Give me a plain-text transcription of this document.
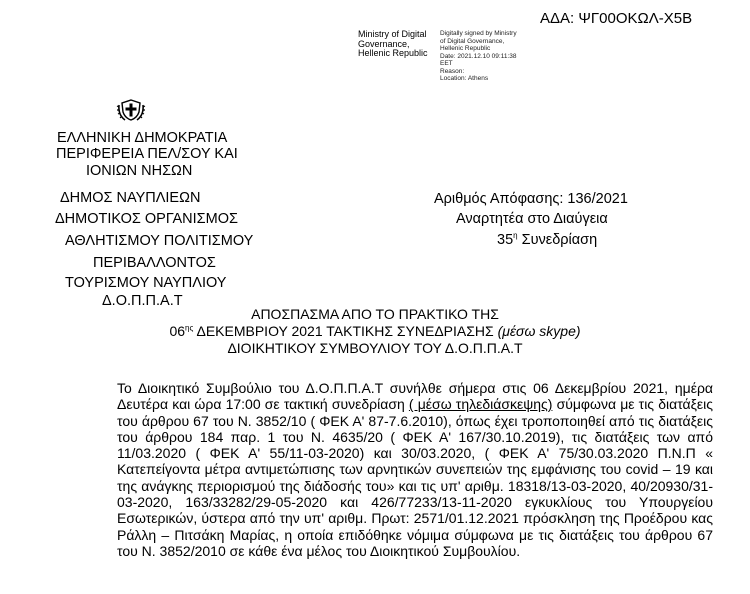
ΑΔΑ: ΨΓ00ΟΚΩΛ-Χ5Β
Ministry of Digital
Governance,
Hellenic Republic
Digitally signed by Ministry
of Digital Governance,
Hellenic Republic
Date: 2021.12.10 09:11:38
EET
Reason:
Location: Athens
ΕΛΛΗΝΙΚΗ ΔΗΜΟΚΡΑΤΙΑ
ΠΕΡΙΦΕΡΕΙΑ ΠΕΛ/ΣΟΥ ΚΑΙ
ΙΟΝΙΩΝ ΝΗΣΩΝ
ΔΗΜΟΣ ΝΑΥΠΛΙΕΩΝ
ΔΗΜΟΤΙΚΟΣ ΟΡΓΑΝΙΣΜΟΣ
ΑΘΛΗΤΙΣΜΟΥ ΠΟΛΙΤΙΣΜΟΥ
ΠΕΡΙΒΑΛΛΟΝΤΟΣ
ΤΟΥΡΙΣΜΟΥ ΝΑΥΠΛΙΟΥ
Δ.Ο.Π.Π.Α.Τ
Αριθμός Απόφασης: 136/2021
Αναρτητέα στο Διαύγεια
$35^\eta$ Συνεδρίαση
ΑΠΟΣΠΑΣΜΑ ΑΠΟ ΤΟ ΠΡΑΚΤΙΚΟ ΤΗΣ
$06^{\eta\varsigma}$ ΔΕΚΕΜΒΡΙΟΥ 2021 ΤΑΚΤΙΚΗΣ ΣΥΝΕΔΡΙΑΣΗΣ (μέσω skype)
ΔΙΟΙΚΗΤΙΚΟΥ ΣΥΜΒΟΥΛΙΟΥ ΤΟΥ Δ.Ο.Π.Π.Α.Τ
Το Διοικητικό Συμβούλιο του Δ.Ο.Π.Π.Α.Τ συνήλθε σήμερα στις 06 Δεκεμβρίου 2021, ημέρα Δευτέρα και ώρα 17:00 σε τακτική συνεδρίαση ( μέσω τηλεδιάσκεψης) σύμφωνα με τις διατάξεις του άρθρου 67 του Ν. 3852/10 ( ΦΕΚ Α' 87-7.6.2010), όπως έχει τροποποιηθεί από τις διατάξεις του άρθρου 184 παρ. 1 του Ν. 4635/20 ( ΦΕΚ Α' 167/30.10.2019), τις διατάξεις των από 11/03.2020 ( ΦΕΚ Α' 55/11-03-2020) και 30/03.2020, ( ΦΕΚ Α' 75/30.03.2020 Π.Ν.Π « Κατεπείγοντα μέτρα αντιμετώπισης των αρνητικών συνεπειών της εμφάνισης του covid – 19 και της ανάγκης περιορισμού της διάδοσής του» και τις υπ' αριθμ. 18318/13-03-2020, 40/20930/31-03-2020, 163/33282/29-05-2020 και 426/77233/13-11-2020 εγκυκλίους του Υπουργείου Εσωτερικών, ύστερα από την υπ' αριθμ. Πρωτ: 2571/01.12.2021 πρόσκληση της Προέδρου κας Ράλλη – Πιτσάκη Μαρίας, η οποία επιδόθηκε νόμιμα σύμφωνα με τις διατάξεις του άρθρου 67 του Ν. 3852/2010 σε κάθε ένα μέλος του Διοικητικού Συμβουλίου.
